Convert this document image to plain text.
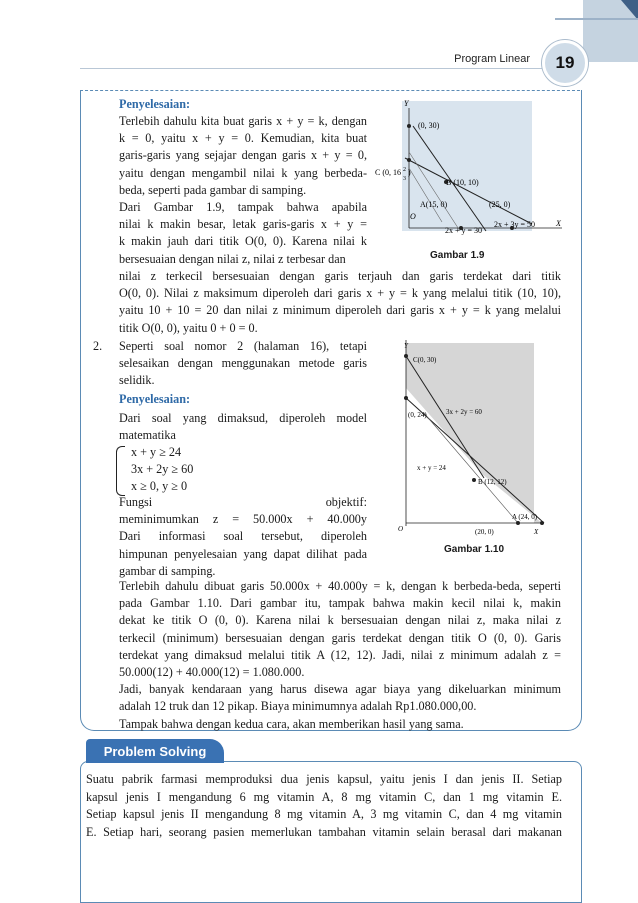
Program Linear	19
Penyelesaian:
Terlebih dahulu kita buat garis x + y = k, dengan
k = 0, yaitu x + y = 0. Kemudian, kita buat
garis-garis yang sejajar dengan garis x + y = 0,
yaitu dengan mengambil nilai k yang berbeda-
beda, seperti pada gambar di samping.
Dari Gambar 1.9, tampak bahwa apabila
nilai k makin besar, letak garis-garis x + y =
k makin jauh dari titik O(0, 0). Karena nilai k
bersesuaian dengan nilai z, nilai z terbesar dan
nilai z terkecil bersesuaian dengan garis terjauh dan garis terdekat dari titik
O(0, 0). Nilai z maksimum diperoleh dari garis x + y = k yang melalui titik (10, 10),
yaitu 10 + 10 = 20 dan nilai z minimum diperoleh dari garis x + y = k yang melalui
titik O(0, 0), yaitu 0 + 0 = 0.
Y
X
O
(0, 30)
C (0, 16 2
3
)
B (10, 10)
A(15, 0)	(25, 0)
2x + y = 30
2x + 3y = 50
Gambar 1.9
2. Seperti soal nomor 2 (halaman 16), tetapi
selesaikan dengan menggunakan metode garis
selidik.
Penyelesaian:
Dari soal yang dimaksud, diperoleh model
matematika
x + y ≥ 24
3x + 2y ≥ 60
x ≥ 0, y ≥ 0
Fungsi objektif:
meminimumkan z = 50.000x + 40.000y
Dari informasi soal tersebut, diperoleh
himpunan penyelesaian yang dapat dilihat pada
gambar di samping.
Y
X
O
C(0, 30)
(0, 24)	3x + 2y = 60
x + y = 24
B (12, 12)
A (24, 0)
(20, 0)
Gambar 1.10
Terlebih dahulu dibuat garis 50.000x + 40.000y = k, dengan k berbeda-beda, seperti
pada Gambar 1.10. Dari gambar itu, tampak bahwa makin kecil nilai k, makin
dekat ke titik O (0, 0). Karena nilai k bersesuaian dengan nilai z, maka nilai z
terkecil (minimum) bersesuaian dengan garis terdekat dengan titik O (0, 0). Garis
terdekat yang dimaksud melalui titik A (12, 12). Jadi, nilai z minimum adalah z =
50.000(12) + 40.000(12) = 1.080.000.
Jadi, banyak kendaraan yang harus disewa agar biaya yang dikeluarkan minimum
adalah 12 truk dan 12 pikap. Biaya minimumnya adalah Rp1.080.000,00.
Tampak bahwa dengan kedua cara, akan memberikan hasil yang sama.
Problem Solving
Suatu pabrik farmasi memproduksi dua jenis kapsul, yaitu jenis I dan jenis II. Setiap
kapsul jenis I mengandung 6 mg vitamin A, 8 mg vitamin C, dan 1 mg vitamin E.
Setiap kapsul jenis II mengandung 8 mg vitamin A, 3 mg vitamin C, dan 4 mg vitamin
E. Setiap hari, seorang pasien memerlukan tambahan vitamin selain berasal dari makanan
